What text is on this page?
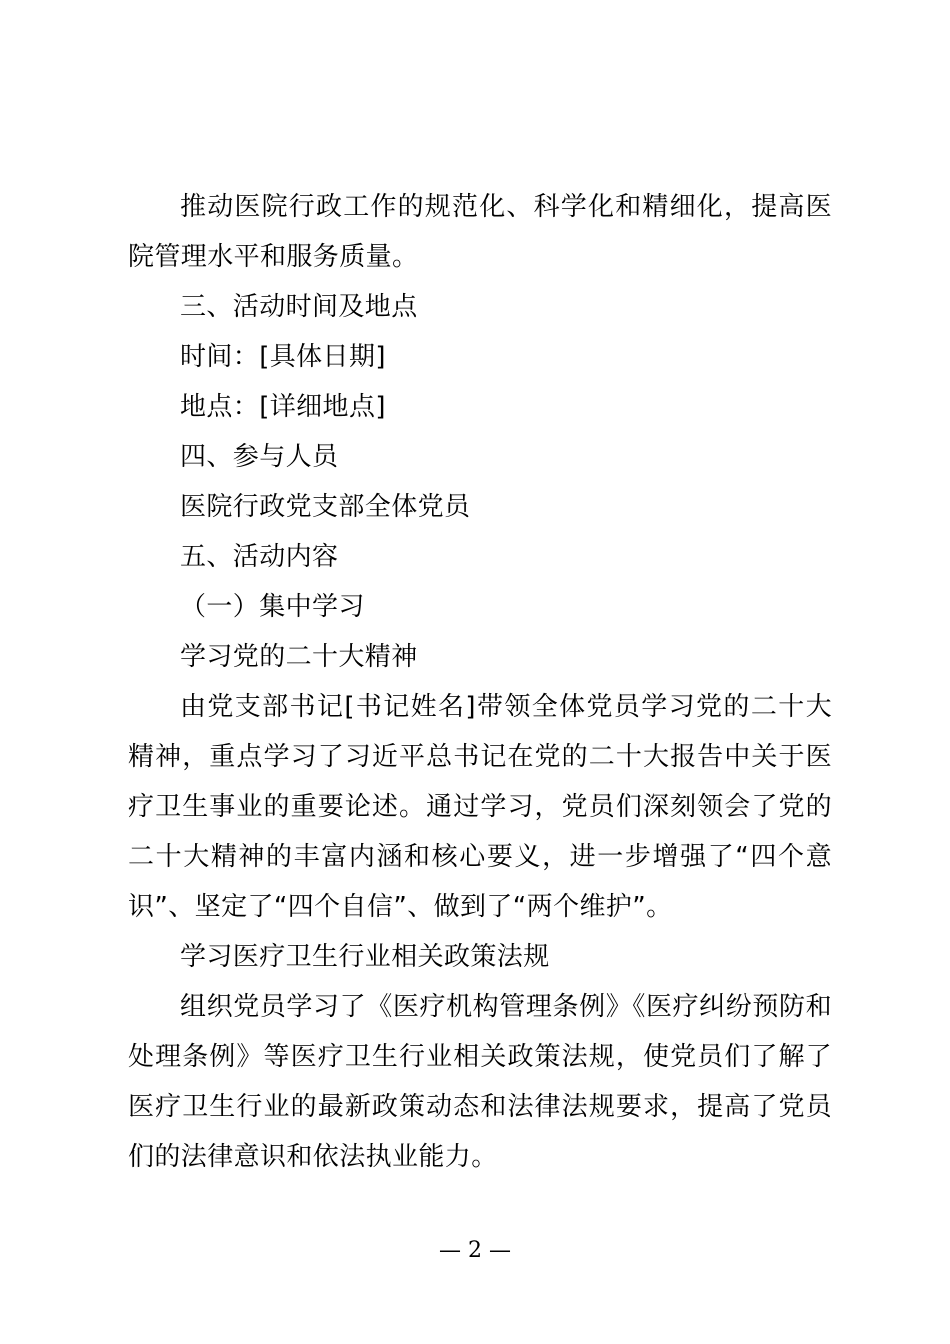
推动医院行政工作的规范化、科学化和精细化，提高医院管理水平和服务质量。

三、活动时间及地点

时间：[具体日期]

地点：[详细地点]

四、参与人员

医院行政党支部全体党员

五、活动内容

（一）集中学习

学习党的二十大精神

由党支部书记[书记姓名]带领全体党员学习党的二十大精神，重点学习了习近平总书记在党的二十大报告中关于医疗卫生事业的重要论述。通过学习，党员们深刻领会了党的二十大精神的丰富内涵和核心要义，进一步增强了“四个意识”、坚定了“四个自信”、做到了“两个维护”。

学习医疗卫生行业相关政策法规

组织党员学习了《医疗机构管理条例》《医疗纠纷预防和处理条例》等医疗卫生行业相关政策法规，使党员们了解了医疗卫生行业的最新政策动态和法律法规要求，提高了党员们的法律意识和依法执业能力。

— 2 —
